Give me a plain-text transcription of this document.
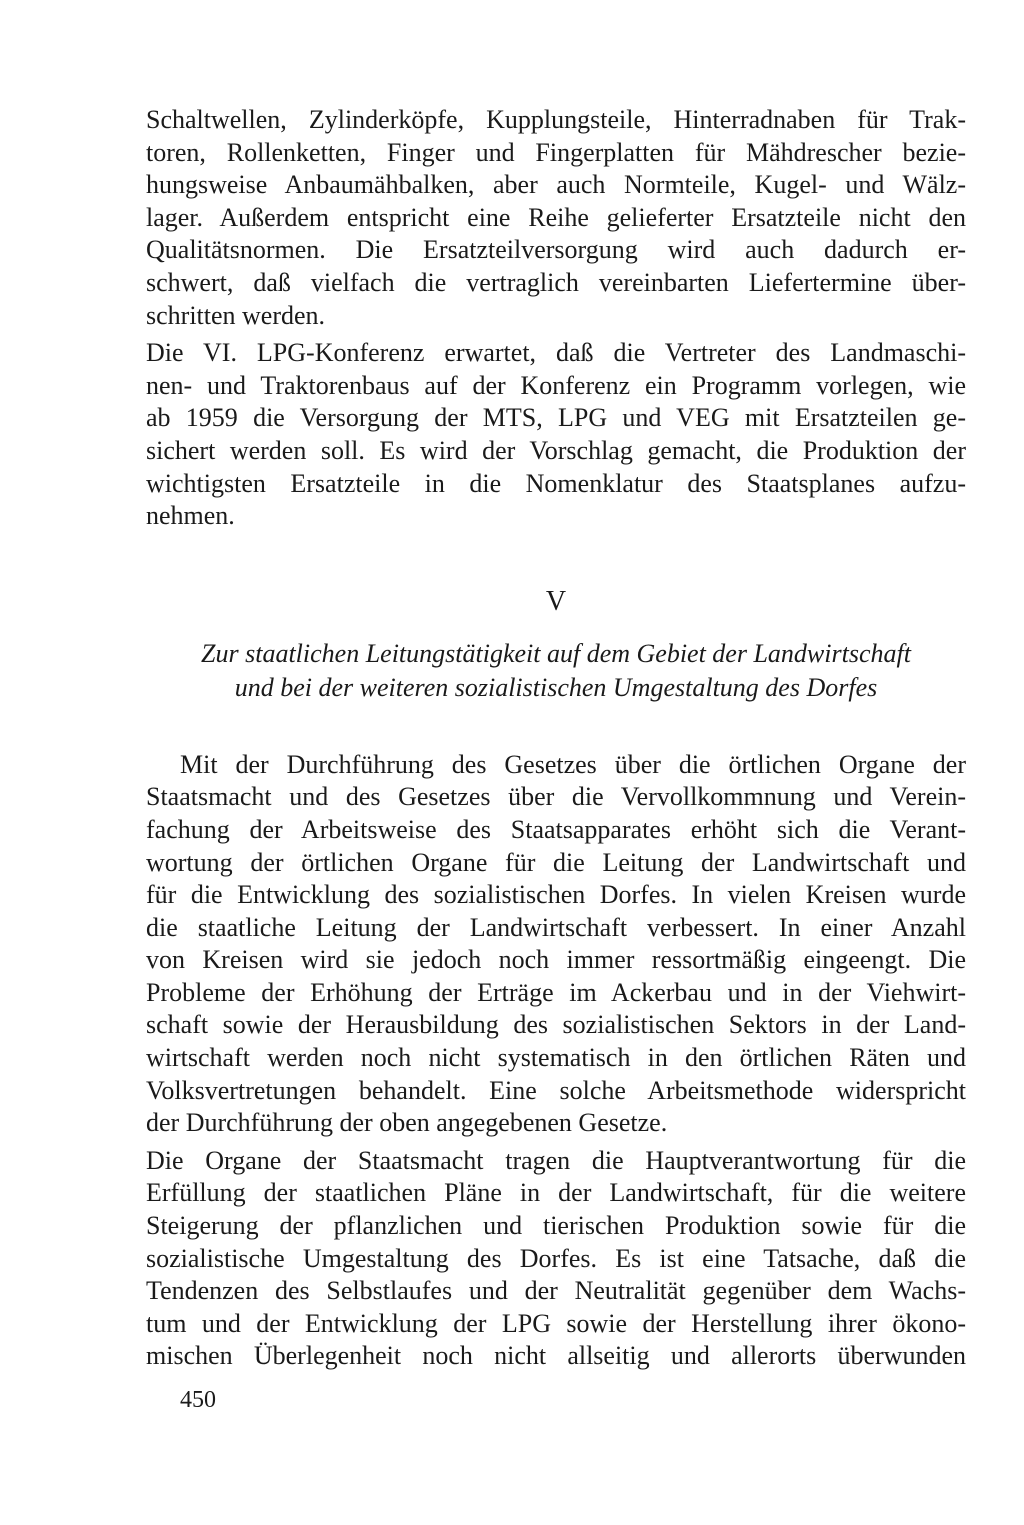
Schaltwellen, Zylinderköpfe, Kupplungsteile, Hinterradnaben für Trak-
toren, Rollenketten, Finger und Fingerplatten für Mähdrescher bezie-
hungsweise Anbaumähbalken, aber auch Normteile, Kugel- und Wälz-
lager. Außerdem entspricht eine Reihe gelieferter Ersatzteile nicht den
Qualitätsnormen. Die Ersatzteilversorgung wird auch dadurch er-
schwert, daß vielfach die vertraglich vereinbarten Liefertermine über-
schritten werden.
Die VI. LPG-Konferenz erwartet, daß die Vertreter des Landmaschi-
nen- und Traktorenbaus auf der Konferenz ein Programm vorlegen, wie
ab 1959 die Versorgung der MTS, LPG und VEG mit Ersatzteilen ge-
sichert werden soll. Es wird der Vorschlag gemacht, die Produktion der
wichtigsten Ersatzteile in die Nomenklatur des Staatsplanes aufzu-
nehmen.
V
Zur staatlichen Leitungstätigkeit auf dem Gebiet der Landwirtschaft
und bei der weiteren sozialistischen Umgestaltung des Dorfes
Mit der Durchführung des Gesetzes über die örtlichen Organe der
Staatsmacht und des Gesetzes über die Vervollkommnung und Verein-
fachung der Arbeitsweise des Staatsapparates erhöht sich die Verant-
wortung der örtlichen Organe für die Leitung der Landwirtschaft und
für die Entwicklung des sozialistischen Dorfes. In vielen Kreisen wurde
die staatliche Leitung der Landwirtschaft verbessert. In einer Anzahl
von Kreisen wird sie jedoch noch immer ressortmäßig eingeengt. Die
Probleme der Erhöhung der Erträge im Ackerbau und in der Viehwirt-
schaft sowie der Herausbildung des sozialistischen Sektors in der Land-
wirtschaft werden noch nicht systematisch in den örtlichen Räten und
Volksvertretungen behandelt. Eine solche Arbeitsmethode widerspricht
der Durchführung der oben angegebenen Gesetze.
Die Organe der Staatsmacht tragen die Hauptverantwortung für die
Erfüllung der staatlichen Pläne in der Landwirtschaft, für die weitere
Steigerung der pflanzlichen und tierischen Produktion sowie für die
sozialistische Umgestaltung des Dorfes. Es ist eine Tatsache, daß die
Tendenzen des Selbstlaufes und der Neutralität gegenüber dem Wachs-
tum und der Entwicklung der LPG sowie der Herstellung ihrer ökono-
mischen Überlegenheit noch nicht allseitig und allerorts überwunden
450
